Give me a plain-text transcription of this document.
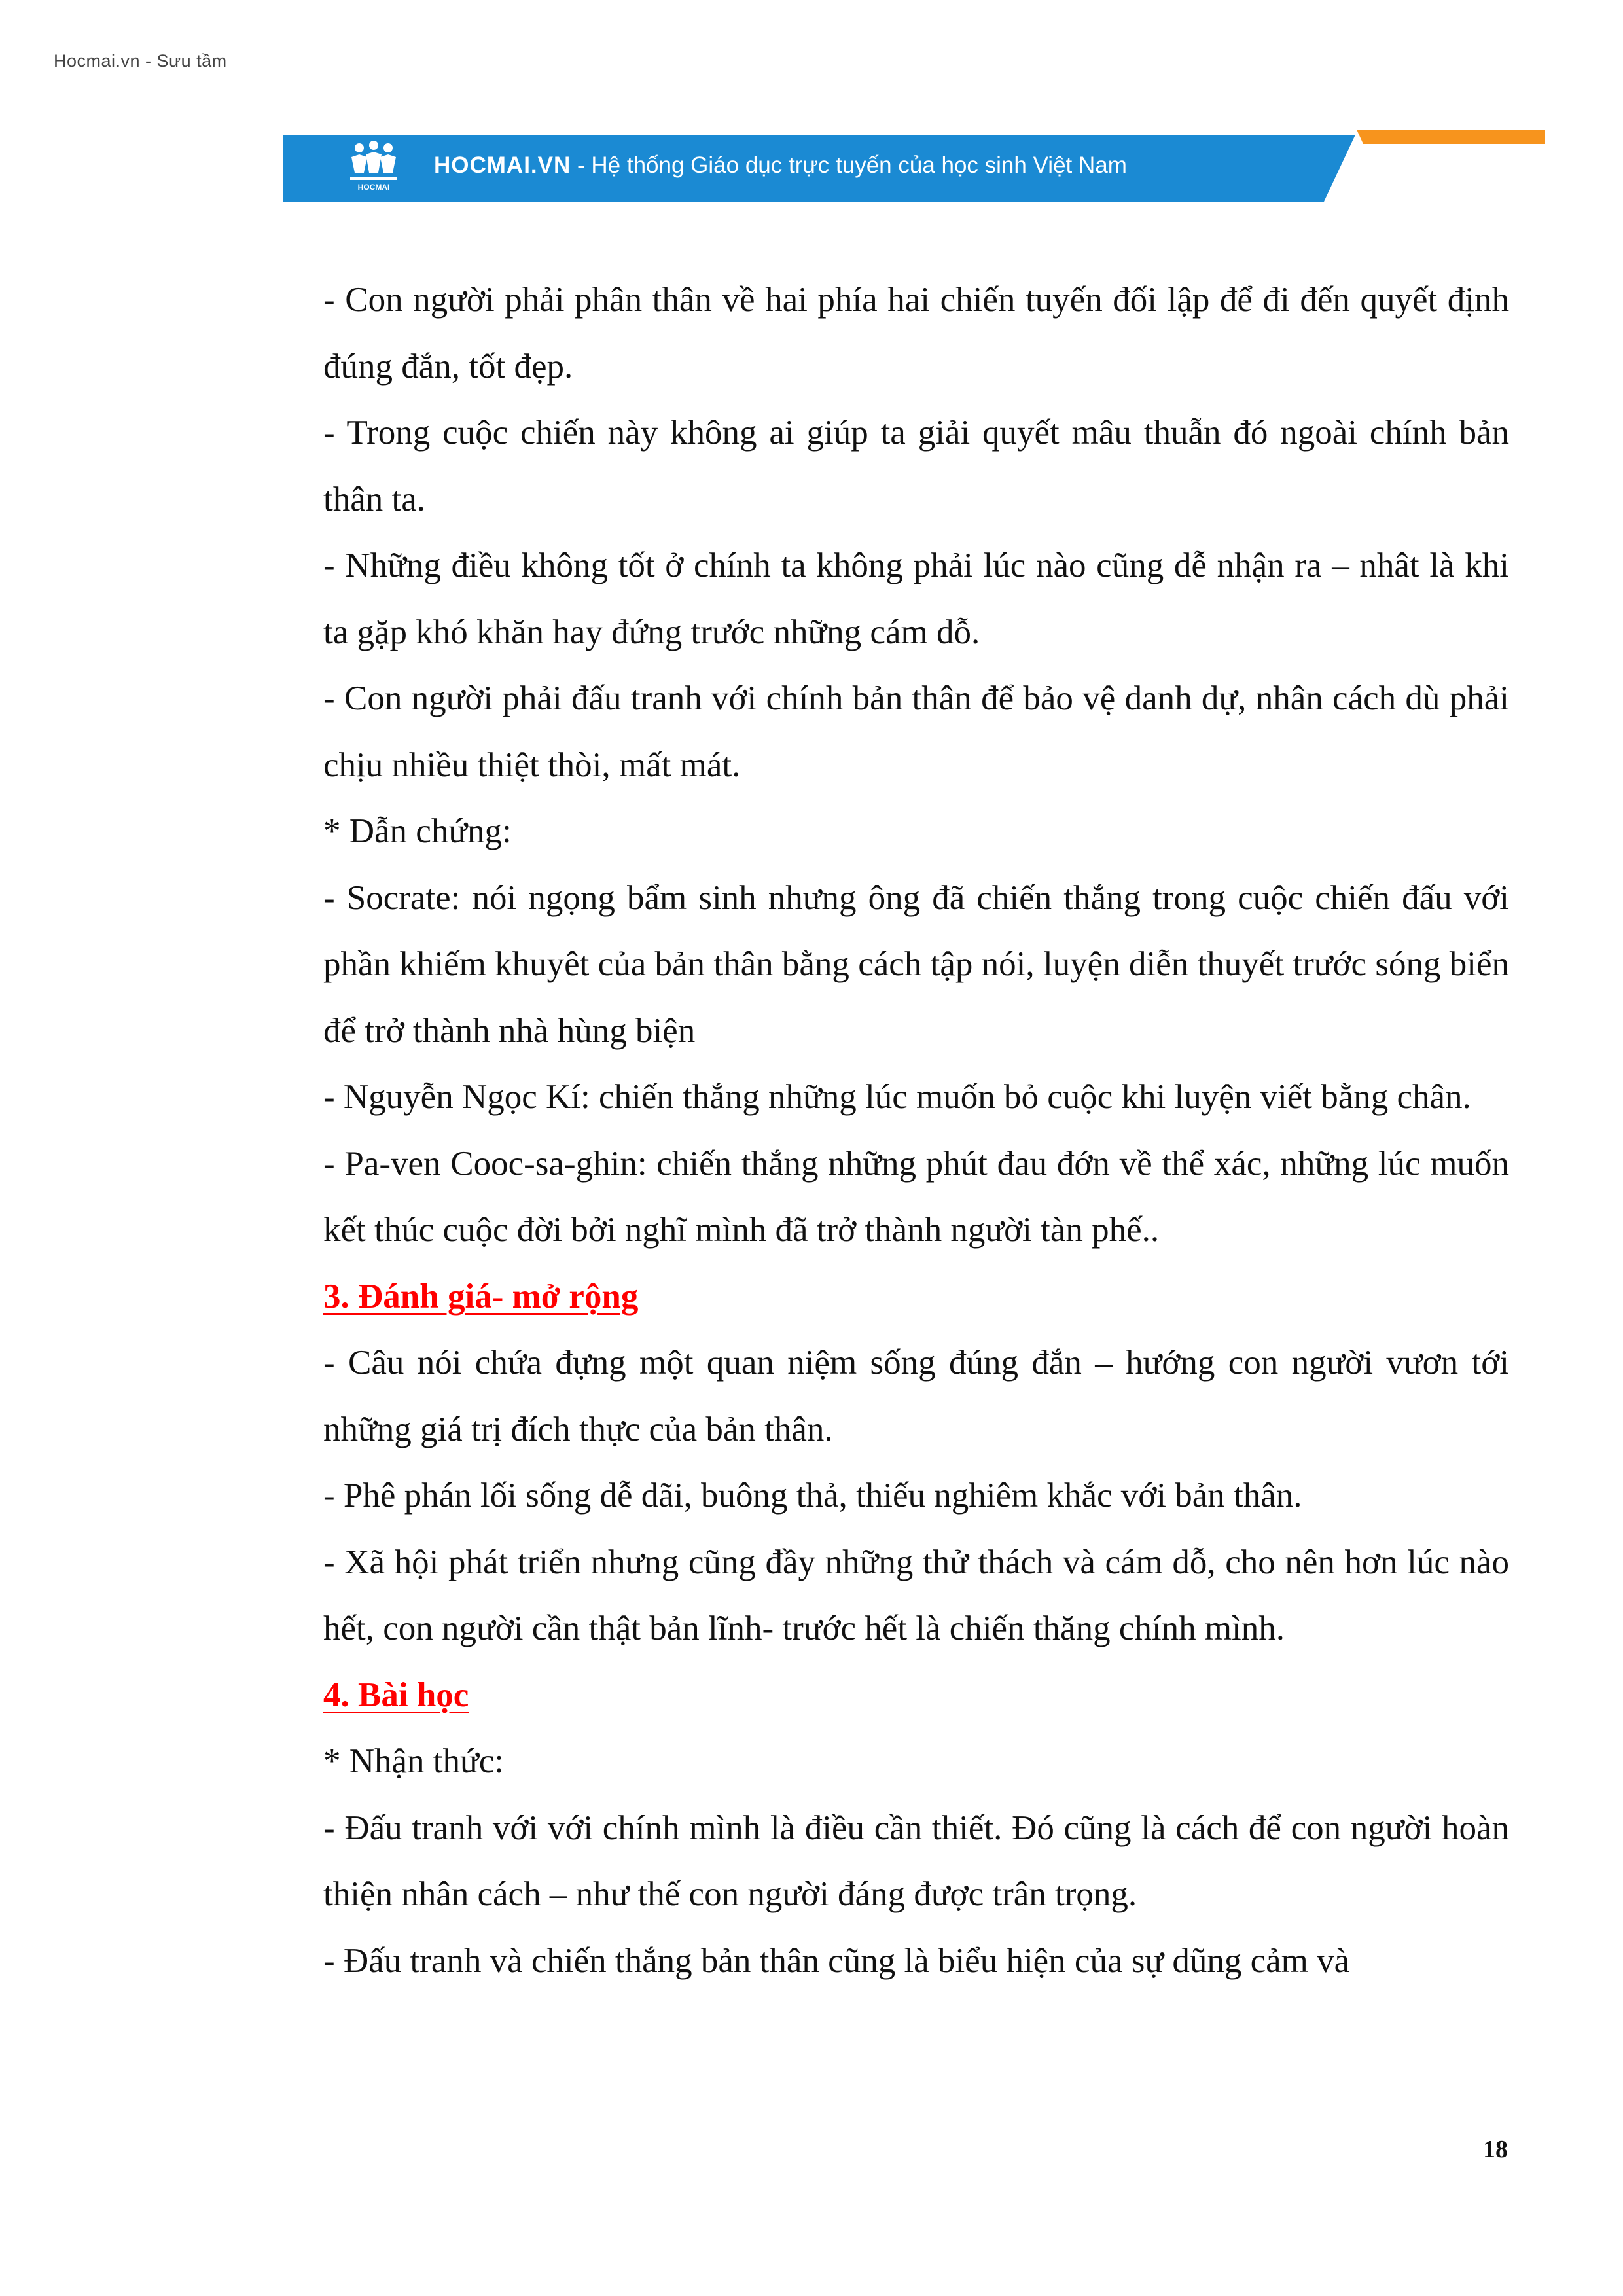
Hocmai.vn - Sưu tầm
HOCMAI
HOCMAI.VN - Hệ thống Giáo dục trực tuyến của học sinh Việt Nam

- Con người phải phân thân về hai phía hai chiến tuyến đối lập để đi đến quyết định đúng đắn, tốt đẹp.

- Trong cuộc chiến này không ai giúp ta giải quyết mâu thuẫn đó ngoài chính bản thân ta.

- Những điều không tốt ở chính ta không phải lúc nào cũng dễ nhận ra – nhât là khi ta gặp khó khăn hay đứng trước những cám dỗ.

- Con người phải đấu tranh với chính bản thân để bảo vệ danh dự, nhân cách dù phải chịu nhiều thiệt thòi, mất mát.

* Dẫn chứng:

- Socrate: nói ngọng bẩm sinh nhưng ông đã chiến thắng trong cuộc chiến đấu với phần khiếm khuyêt của bản thân bằng cách tập nói, luyện diễn thuyết trước sóng biển để trở thành nhà hùng biện

- Nguyễn Ngọc Kí: chiến thắng những lúc muốn bỏ cuộc khi luyện viết bằng chân.

- Pa-ven Cooc-sa-ghin: chiến thắng những phút đau đớn về thể xác, những lúc muốn kết thúc cuộc đời bởi nghĩ mình đã trở thành người tàn phế..

3. Đánh giá- mở rộng

- Câu nói chứa đựng một quan niệm sống đúng đắn – hướng con người vươn tới những giá trị đích thực của bản thân.

- Phê phán lối sống dễ dãi, buông thả, thiếu nghiêm khắc với bản thân.

- Xã hội phát triển nhưng cũng đầy những thử thách và cám dỗ, cho nên hơn lúc nào hết, con người cần thật bản lĩnh- trước hết là chiến thăng chính mình.

4. Bài học

* Nhận thức:

- Đấu tranh với với chính mình là điều cần thiết. Đó cũng là cách để con người hoàn thiện nhân cách – như thế con người đáng được trân trọng.

- Đấu tranh và chiến thắng bản thân cũng là biểu hiện của sự dũng cảm và

18
